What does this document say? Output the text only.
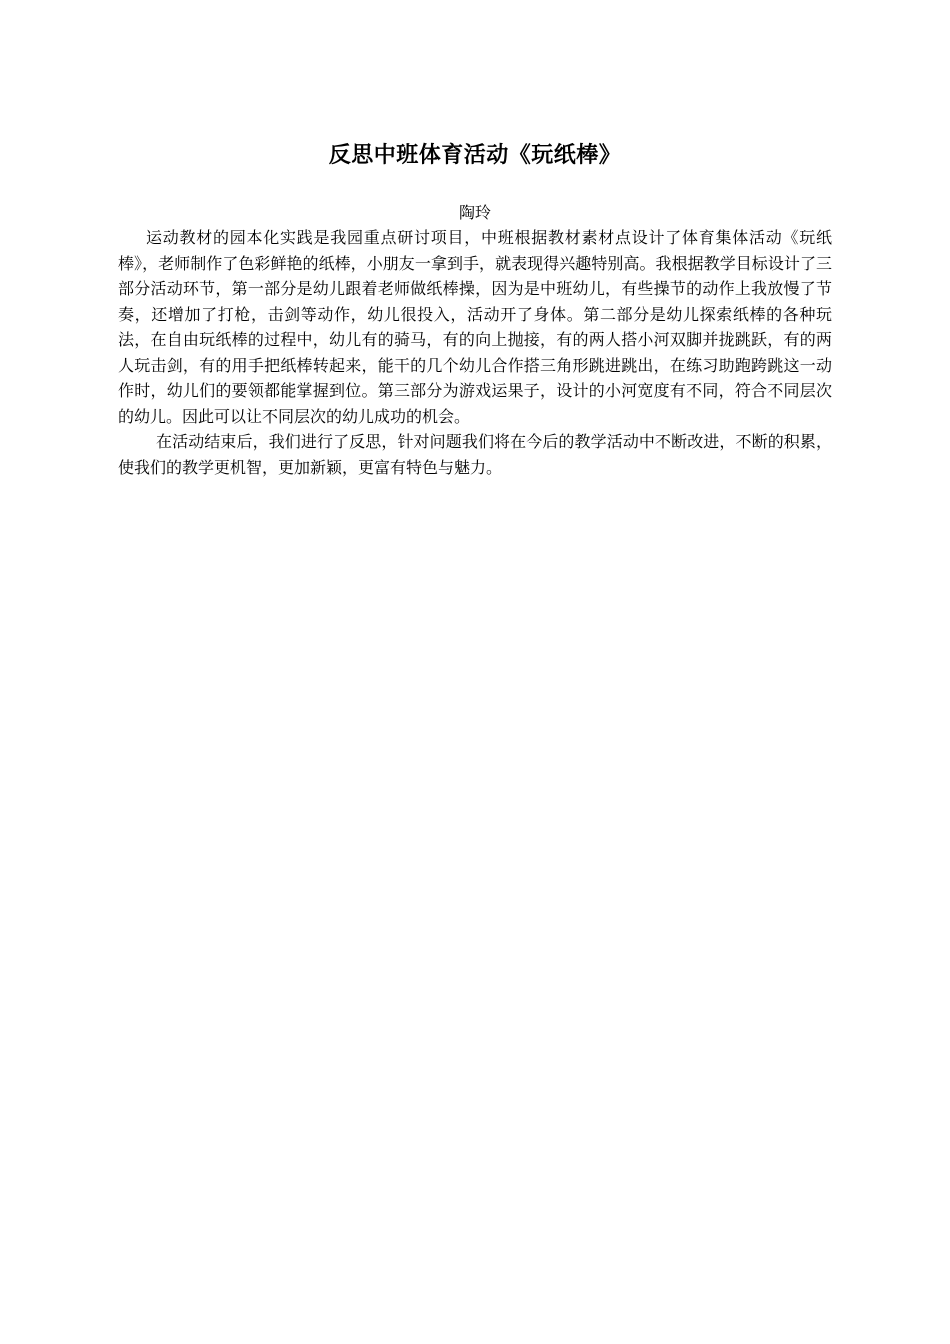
反思中班体育活动《玩纸棒》
陶玲

运动教材的园本化实践是我园重点研讨项目，中班根据教材素材点设计了体育集体活动《玩纸棒》，老师制作了色彩鲜艳的纸棒，小朋友一拿到手，就表现得兴趣特别高。我根据教学目标设计了三部分活动环节，第一部分是幼儿跟着老师做纸棒操，因为是中班幼儿，有些操节的动作上我放慢了节奏，还增加了打枪，击剑等动作，幼儿很投入，活动开了身体。第二部分是幼儿探索纸棒的各种玩法，在自由玩纸棒的过程中，幼儿有的骑马，有的向上抛接，有的两人搭小河双脚并拢跳跃，有的两人玩击剑，有的用手把纸棒转起来，能干的几个幼儿合作搭三角形跳进跳出，在练习助跑跨跳这一动作时，幼儿们的要领都能掌握到位。第三部分为游戏运果子，设计的小河宽度有不同，符合不同层次的幼儿。因此可以让不同层次的幼儿成功的机会。

在活动结束后，我们进行了反思，针对问题我们将在今后的教学活动中不断改进，不断的积累，使我们的教学更机智，更加新颖，更富有特色与魅力。
